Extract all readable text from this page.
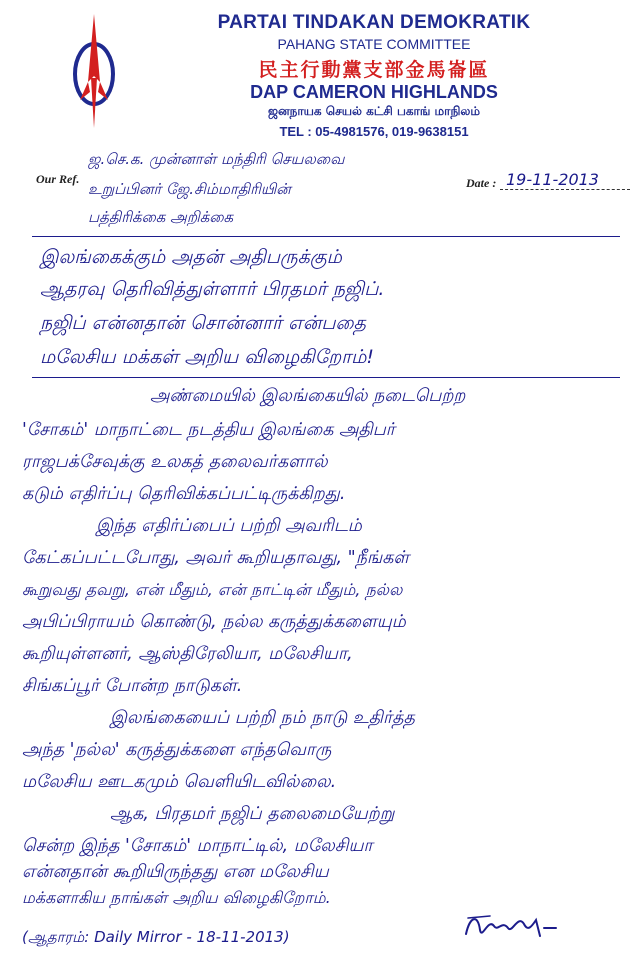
PARTAI TINDAKAN DEMOKRATIK
PAHANG STATE COMMITTEE
民主行動黨支部金馬崙區
DAP CAMERON HIGHLANDS
ஜனநாயக செயல் கட்சி பகாங் மாநிலம்
TEL : 05-4981576, 019-9638151
Our Ref.
ஜ.செ.க. முன்னாள் மந்திரி செயலவை
உறுப்பினர் ஜே.சிம்மாதிரியின்
பத்திரிக்கை அறிக்கை
Date : 19-11-2013
இலங்கைக்கும் அதன் அதிபருக்கும்
ஆதரவு தெரிவித்துள்ளார் பிரதமர் நஜிப்.
நஜிப் என்னதான் சொன்னார் என்பதை
மலேசிய மக்கள் அறிய விழைகிறோம்!
அண்மையில் இலங்கையில் நடைபெற்ற
'சோகம்' மாநாட்டை நடத்திய இலங்கை அதிபர்
ராஜபக்சேவுக்கு உலகத் தலைவர்களால்
கடும் எதிர்ப்பு தெரிவிக்கப்பட்டிருக்கிறது.
இந்த எதிர்ப்பைப் பற்றி அவரிடம்
கேட்கப்பட்டபோது, அவர் கூறியதாவது, "நீங்கள்
கூறுவது தவறு, என் மீதும், என் நாட்டின் மீதும், நல்ல
அபிப்பிராயம் கொண்டு, நல்ல கருத்துக்களையும்
கூறியுள்ளனர், ஆஸ்திரேலியா, மலேசியா,
சிங்கப்பூர் போன்ற நாடுகள்.
இலங்கையைப் பற்றி நம் நாடு உதிர்த்த
அந்த 'நல்ல' கருத்துக்களை எந்தவொரு
மலேசிய ஊடகமும் வெளியிடவில்லை.
ஆக, பிரதமர் நஜிப் தலைமையேற்று
சென்ற இந்த 'சோகம்' மாநாட்டில், மலேசியா
என்னதான் கூறியிருந்தது என மலேசிய
மக்களாகிய நாங்கள் அறிய விழைகிறோம்.
(ஆதாரம்: Daily Mirror - 18-11-2013)
